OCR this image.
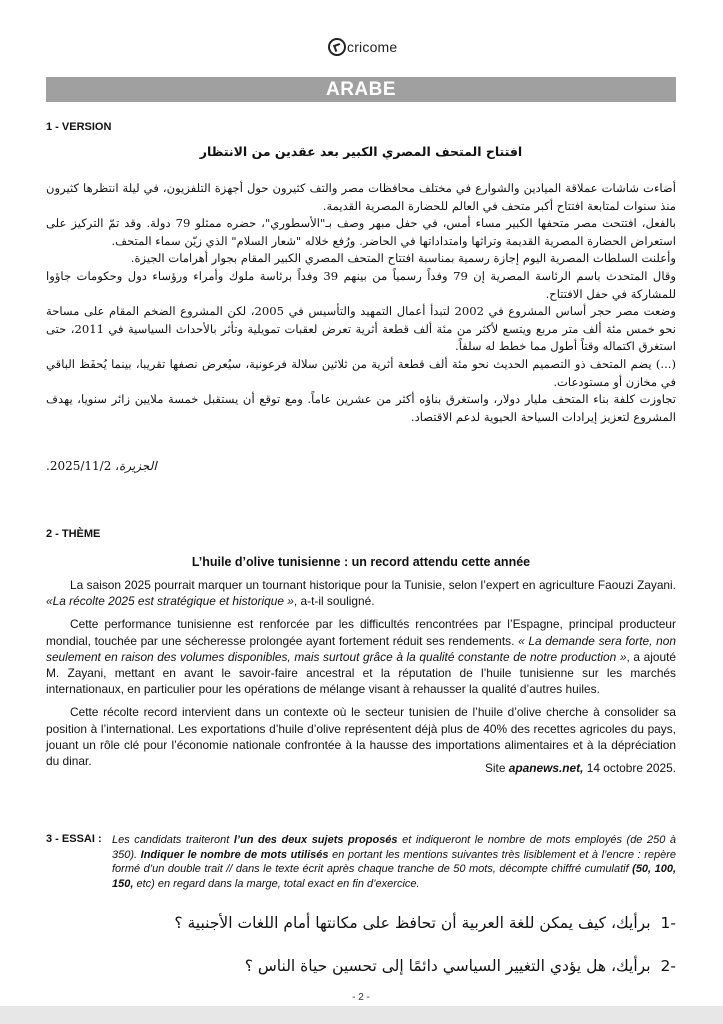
cricome
ARABE
1 - VERSION
افتتاح المتحف المصري الكبير بعد عقدين من الانتظار

أضاءت شاشات عملاقة الميادين والشوارع في مختلف محافظات مصر والتف كثيرون حول أجهزة التلفزيون، في ليلة انتظرها كثيرون منذ سنوات لمتابعة افتتاح أكبر متحف في العالم للحضارة المصرية القديمة.

بالفعل، افتتحت مصر متحفها الكبير مساء أمس، في حفل مبهر وصف بـ"الأسطوري"، حضره ممثلو 79 دولة. وقد تمّ التركيز على استعراض الحضارة المصرية القديمة وتراثها وامتداداتها في الحاضر. ورُفع خلاله "شعار السلام" الذي زيّن سماء المتحف.

وأعلنت السلطات المصرية اليوم إجازة رسمية بمناسبة افتتاح المتحف المصري الكبير المقام بجوار أهرامات الجيزة.

وقال المتحدث باسم الرئاسة المصرية إن 79 وفداً رسمياً من بينهم 39 وفداً برئاسة ملوك وأمراء ورؤساء دول وحكومات جاؤوا للمشاركة في حفل الافتتاح.

وضعت مصر حجر أساس المشروع في 2002 لتبدأ أعمال التمهيد والتأسيس في 2005، لكن المشروع الضخم المقام على مساحة نحو خمس مئة ألف متر مربع ويتسع لأكثر من مئة ألف قطعة أثرية تعرض لعقبات تمويلية وتأثر بالأحداث السياسية في 2011، حتى استغرق اكتماله وقتاً أطول مما خطط له سلفاً.

(...) يضم المتحف ذو التصميم الحديث نحو مئة ألف قطعة أثرية من ثلاثين سلالة فرعونية، سيُعرض نصفها تقريبا، بينما يُحفَظ الباقي في مخازن أو مستودعات.

تجاوزت كلفة بناء المتحف مليار دولار، واستغرق بناؤه أكثر من عشرين عاماً. ومع توقع أن يستقبل خمسة ملايين زائر سنويا، يهدف المشروع لتعزيز إيرادات السياحة الحيوية لدعم الاقتصاد.

الجزيرة، 2025/11/2.
2 - THÈME
L’huile d’olive tunisienne : un record attendu cette année

La saison 2025 pourrait marquer un tournant historique pour la Tunisie, selon l’expert en agriculture Faouzi Zayani. «La récolte 2025 est stratégique et historique », a-t-il souligné.

Cette performance tunisienne est renforcée par les difficultés rencontrées par l’Espagne, principal producteur mondial, touchée par une sécheresse prolongée ayant fortement réduit ses rendements. « La demande sera forte, non seulement en raison des volumes disponibles, mais surtout grâce à la qualité constante de notre production », a ajouté M. Zayani, mettant en avant le savoir-faire ancestral et la réputation de l’huile tunisienne sur les marchés internationaux, en particulier pour les opérations de mélange visant à rehausser la qualité d’autres huiles.

Cette récolte record intervient dans un contexte où le secteur tunisien de l’huile d’olive cherche à consolider sa position à l’international. Les exportations d’huile d’olive représentent déjà plus de 40% des recettes agricoles du pays, jouant un rôle clé pour l’économie nationale confrontée à la hausse des importations alimentaires et à la dépréciation du dinar.	Site apanews.net, 14 octobre 2025.
3 - ESSAI : Les candidats traiteront l’un des deux sujets proposés et indiqueront le nombre de mots employés (de 250 à 350). Indiquer le nombre de mots utilisés en portant les mentions suivantes très lisiblement et à l’encre : repère formé d’un double trait // dans le texte écrit après chaque tranche de 50 mots, décompte chiffré cumulatif (50, 100, 150, etc) en regard dans la marge, total exact en fin d’exercice.
-1برأيك، كيف يمكن للغة العربية أن تحافظ على مكانتها أمام اللغات الأجنبية ؟
-2برأيك، هل يؤدي التغيير السياسي دائمًا إلى تحسين حياة الناس ؟
- 2 -
